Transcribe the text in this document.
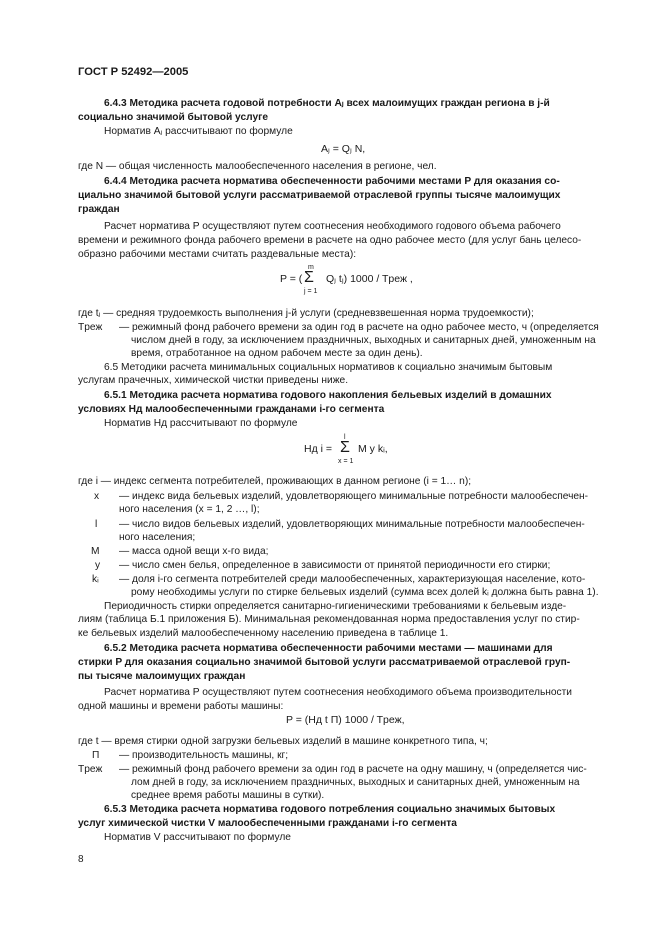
ГОСТ Р 52492—2005
6.4.3 Методика расчета годовой потребности Aⱼ всех малоимущих граждан региона в j-й
социально значимой бытовой услуге
Норматив Aⱼ рассчитывают по формуле
где N — общая численность малообеспеченного населения в регионе, чел.
6.4.4 Методика расчета норматива обеспеченности рабочими местами P для оказания со-
циально значимой бытовой услуги рассматриваемой отраслевой группы тысяче малоимущих
граждан
Расчет норматива P осуществляют путем соотнесения необходимого годового объема рабочего
времени и режимного фонда рабочего времени в расчете на одно рабочее место (для услуг бань целесо-
образно рабочими местами считать раздевальные места):
где tⱼ — средняя трудоемкость выполнения j-й услуги (средневзвешенная норма трудоемкости);
— режимный фонд рабочего времени за один год в расчете на одно рабочее место, ч (определяется
числом дней в году, за исключением праздничных, выходных и санитарных дней, умноженным на
время, отработанное на одном рабочем месте за один день).
6.5 Методики расчета минимальных социальных нормативов к социально значимым бытовым
услугам прачечных, химической чистки приведены ниже.
6.5.1 Методика расчета норматива годового накопления бельевых изделий в домашних
условиях Hд малообеспеченными гражданами i-го сегмента
Норматив Hд рассчитывают по формуле
где i — индекс сегмента потребителей, проживающих в данном регионе (i = 1… n);
— индекс вида бельевых изделий, удовлетворяющего минимальные потребности малообеспечен-
ного населения (x = 1, 2 …, l);
— число видов бельевых изделий, удовлетворяющих минимальные потребности малообеспечен-
ного населения;
— масса одной вещи x-го вида;
— число смен белья, определенное в зависимости от принятой периодичности его стирки;
— доля i-го сегмента потребителей среди малообеспеченных, характеризующая население, кото-
рому необходимы услуги по стирке бельевых изделий (сумма всех долей kᵢ должна быть равна 1).
Периодичность стирки определяется санитарно-гигиеническими требованиями к бельевым изде-
лиям (таблица Б.1 приложения Б). Минимальная рекомендованная норма предоставления услуг по стир-
ке бельевых изделий малообеспеченному населению приведена в таблице 1.
6.5.2 Методика расчета норматива обеспеченности рабочими местами — машинами для
стирки P для оказания социально значимой бытовой услуги рассматриваемой отраслевой груп-
пы тысяче малоимущих граждан
Расчет норматива P осуществляют путем соотнесения необходимого объема производительности
одной машины и времени работы машины:
где t — время стирки одной загрузки бельевых изделий в машине конкретного типа, ч;
— производительность машины, кг;
— режимный фонд рабочего времени за один год в расчете на одну машину, ч (определяется чис-
лом дней в году, за исключением праздничных, выходных и санитарных дней, умноженным на
среднее время работы машины в сутки).
6.5.3 Методика расчета норматива годового потребления социально значимых бытовых
услуг химической чистки V малообеспеченными гражданами i-го сегмента
Норматив V рассчитывают по формуле
Tреж
x
l
M
y
kᵢ
П
Tреж
Aⱼ = Qⱼ N,
P = (
m
Σ
j = 1
Qⱼ tⱼ) 1000 / Tреж ,
Hд i =
l
Σ
x = 1
M y kᵢ,
P = (Hд t П) 1000 / Tреж,
8
